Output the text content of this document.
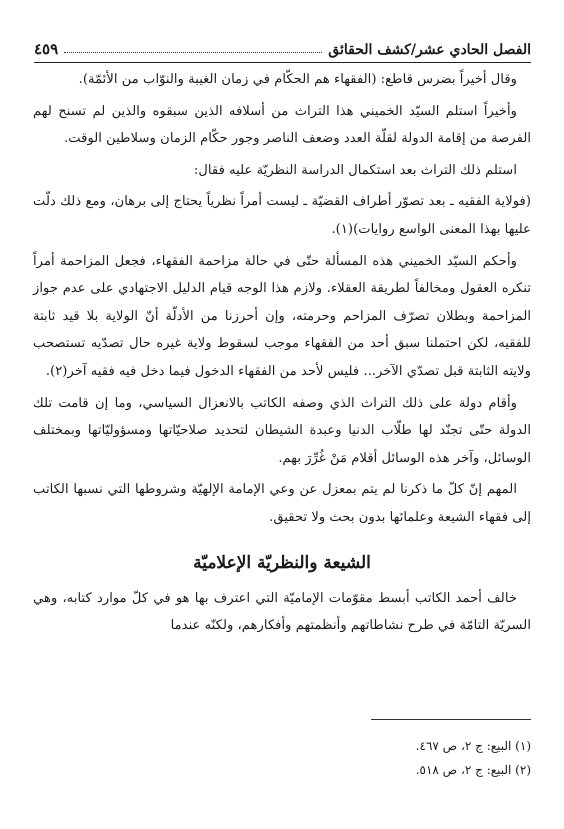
الفصل الحادي عشر/كشف الحقائق
٤٥٩

وقال أخيراً بضرس قاطع: (الفقهاء هم الحكّام في زمان الغيبة والنوّاب من الأئمّة).

وأخيراً استلم السيّد الخميني هذا التراث من أسلافه الذين سبقوه والذين لم تسنح لهم الفرصة من إقامة الدولة لقلّة العدد وضعف الناصر وجور حكّام الزمان وسلاطين الوقت.

استلم ذلك التراث بعد استكمال الدراسة النظريّة عليه فقال:

(فولاية الفقيه ـ بعد تصوّر أطراف القضيّة ـ ليست أمراً نظرياً يحتاج إلى برهان، ومع ذلك دلّت عليها بهذا المعنى الواسع روايات)(١).

وأحكم السيّد الخميني هذه المسألة حتّى في حالة مزاحمة الفقهاء، فجعل المزاحمة أمراً تنكره العقول ومخالفاً لطريقة العقلاء. ولازم هذا الوجه قيام الدليل الاجتهادي على عدم جواز المزاحمة وبطلان تصرّف المزاحم وحرمته، وإن أحرزنا من الأدلّة أنّ الولاية بلا قيد ثابتة للفقيه، لكن احتملنا سبق أحد من الفقهاء موجب لسقوط ولاية غيره حال تصدّيه تستصحب ولايته الثابتة قبل تصدّي الآخر... فليس لأحد من الفقهاء الدخول فيما دخل فيه فقيه آخر(٢).

وأقام دولة على ذلك التراث الذي وصفه الكاتب بالانعزال السياسي، وما إن قامت تلك الدولة حتّى تجنّد لها طلّاب الدنيا وعبدة الشيطان لتحديد صلاحيّاتها ومسؤوليّاتها وبمختلف الوسائل، وآخر هذه الوسائل أقلام مَنْ غُرِّرَ بهم.

المهم إنّ كلّ ما ذكرنا لم يتم بمعزل عن وعي الإمامة الإلهيّة وشروطها التي نسبها الكاتب إلى فقهاء الشيعة وعلمائها بدون بحث ولا تحقيق.

الشيعة والنظريّة الإعلاميّة

خالف أحمد الكاتب أبسط مقوّمات الإماميّة التي اعترف بها هو في كلّ موارد كتابه، وهي السريّة التامّة في طرح نشاطاتهم وأنظمتهم وأفكارهم، ولكنّه عندما

(١) البيع: ج ٢، ص ٤٦٧.

(٢) البيع: ج ٢، ص ٥١٨.
